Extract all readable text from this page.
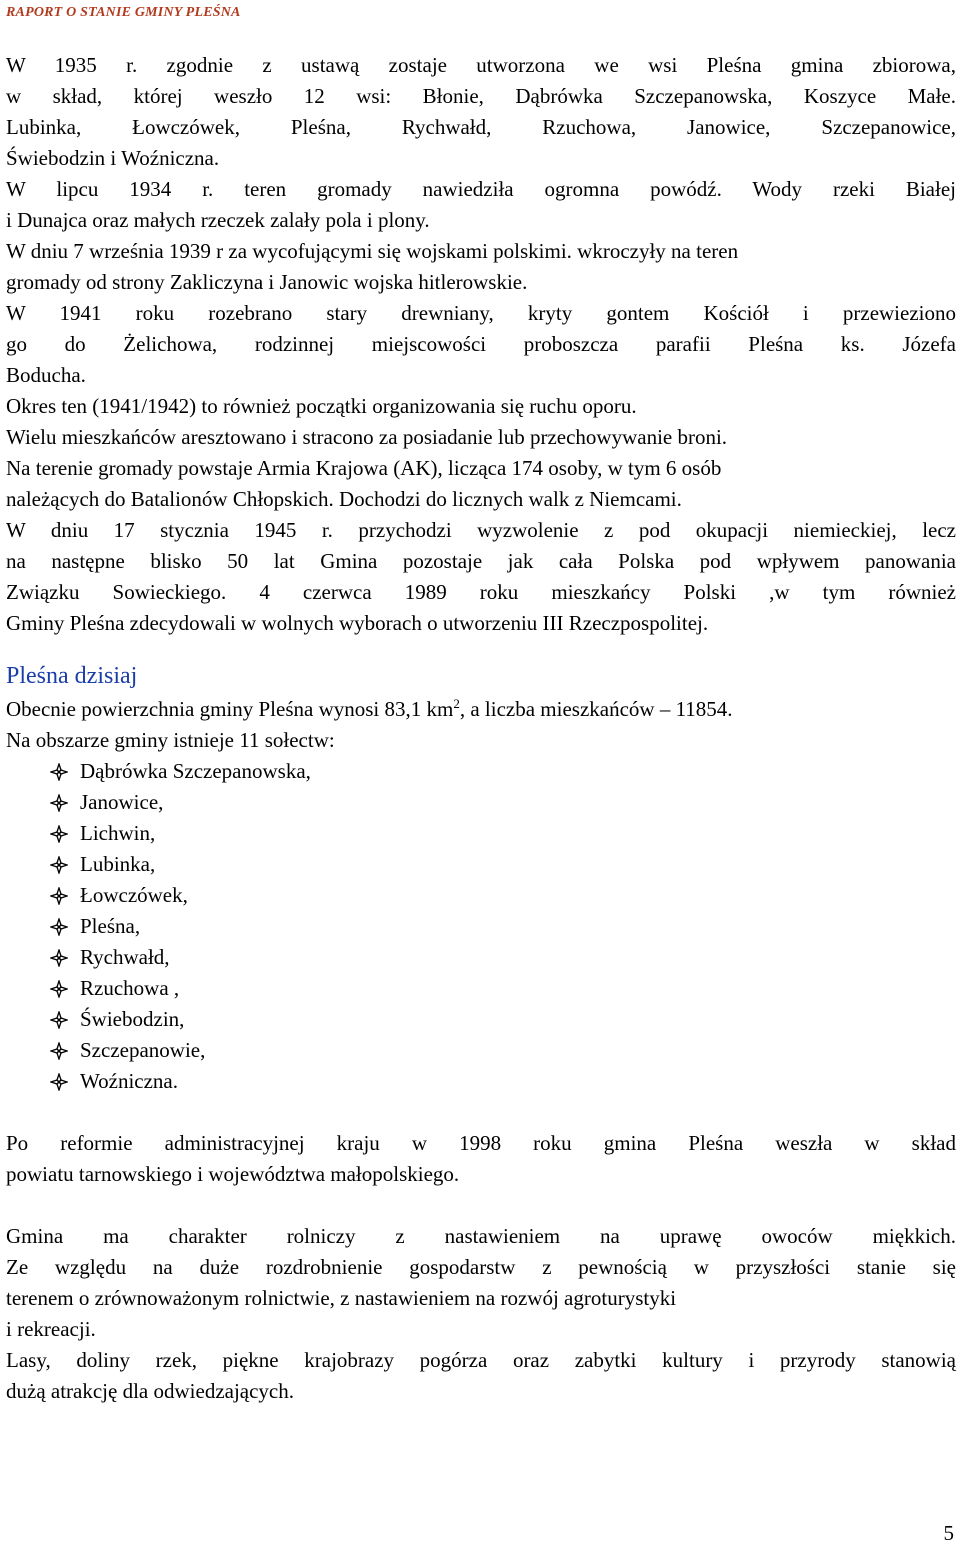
RAPORT O STANIE GMINY PLEŚNA

W 1935 r. zgodnie z ustawą zostaje utworzona we wsi Pleśna gmina zbiorowa,

w skład, której weszło 12 wsi: Błonie, Dąbrówka Szczepanowska, Koszyce Małe.

Lubinka, Łowczówek, Pleśna, Rychwałd, Rzuchowa, Janowice, Szczepanowice,

Świebodzin i Woźniczna.

W lipcu 1934 r. teren gromady nawiedziła ogromna powódź. Wody rzeki Białej

i Dunajca oraz małych rzeczek zalały pola i plony.

W dniu 7 września 1939 r za wycofującymi się wojskami polskimi. wkroczyły na teren

gromady od strony Zakliczyna i Janowic wojska hitlerowskie.

W 1941 roku rozebrano stary drewniany, kryty gontem Kościół i przewieziono

go do Żelichowa, rodzinnej miejscowości proboszcza parafii Pleśna ks. Józefa

Boducha.

Okres ten (1941/1942) to również początki organizowania się ruchu oporu.

Wielu mieszkańców aresztowano i stracono za posiadanie lub przechowywanie broni.

Na terenie gromady powstaje Armia Krajowa (AK), licząca 174 osoby, w tym 6 osób

należących do Batalionów Chłopskich. Dochodzi do licznych walk z Niemcami.

W dniu 17 stycznia 1945 r. przychodzi wyzwolenie z pod okupacji niemieckiej, lecz

na następne blisko 50 lat Gmina pozostaje jak cała Polska pod wpływem panowania

Związku Sowieckiego. 4 czerwca 1989 roku mieszkańcy Polski ,w tym również

Gminy Pleśna zdecydowali w wolnych wyborach o utworzeniu III Rzeczpospolitej.

Pleśna dzisiaj

Obecnie powierzchnia gminy Pleśna wynosi 83,1 $km^2$, a liczba mieszkańców – 11854.

Na obszarze gminy istnieje 11 sołectw:

Dąbrówka Szczepanowska,
Janowice,
Lichwin,
Lubinka,
Łowczówek,
Pleśna,
Rychwałd,
Rzuchowa ,
Świebodzin,
Szczepanowie,
Woźniczna.

Po reformie administracyjnej kraju w 1998 roku gmina Pleśna weszła w skład

powiatu tarnowskiego i województwa małopolskiego.

Gmina ma charakter rolniczy z nastawieniem na uprawę owoców miękkich.

Ze względu na duże rozdrobnienie gospodarstw z pewnością w przyszłości stanie się

terenem o zrównoważonym rolnictwie, z nastawieniem na rozwój agroturystyki

i rekreacji.

Lasy, doliny rzek, piękne krajobrazy pogórza oraz zabytki kultury i przyrody stanowią

dużą atrakcję dla odwiedzających.

5
